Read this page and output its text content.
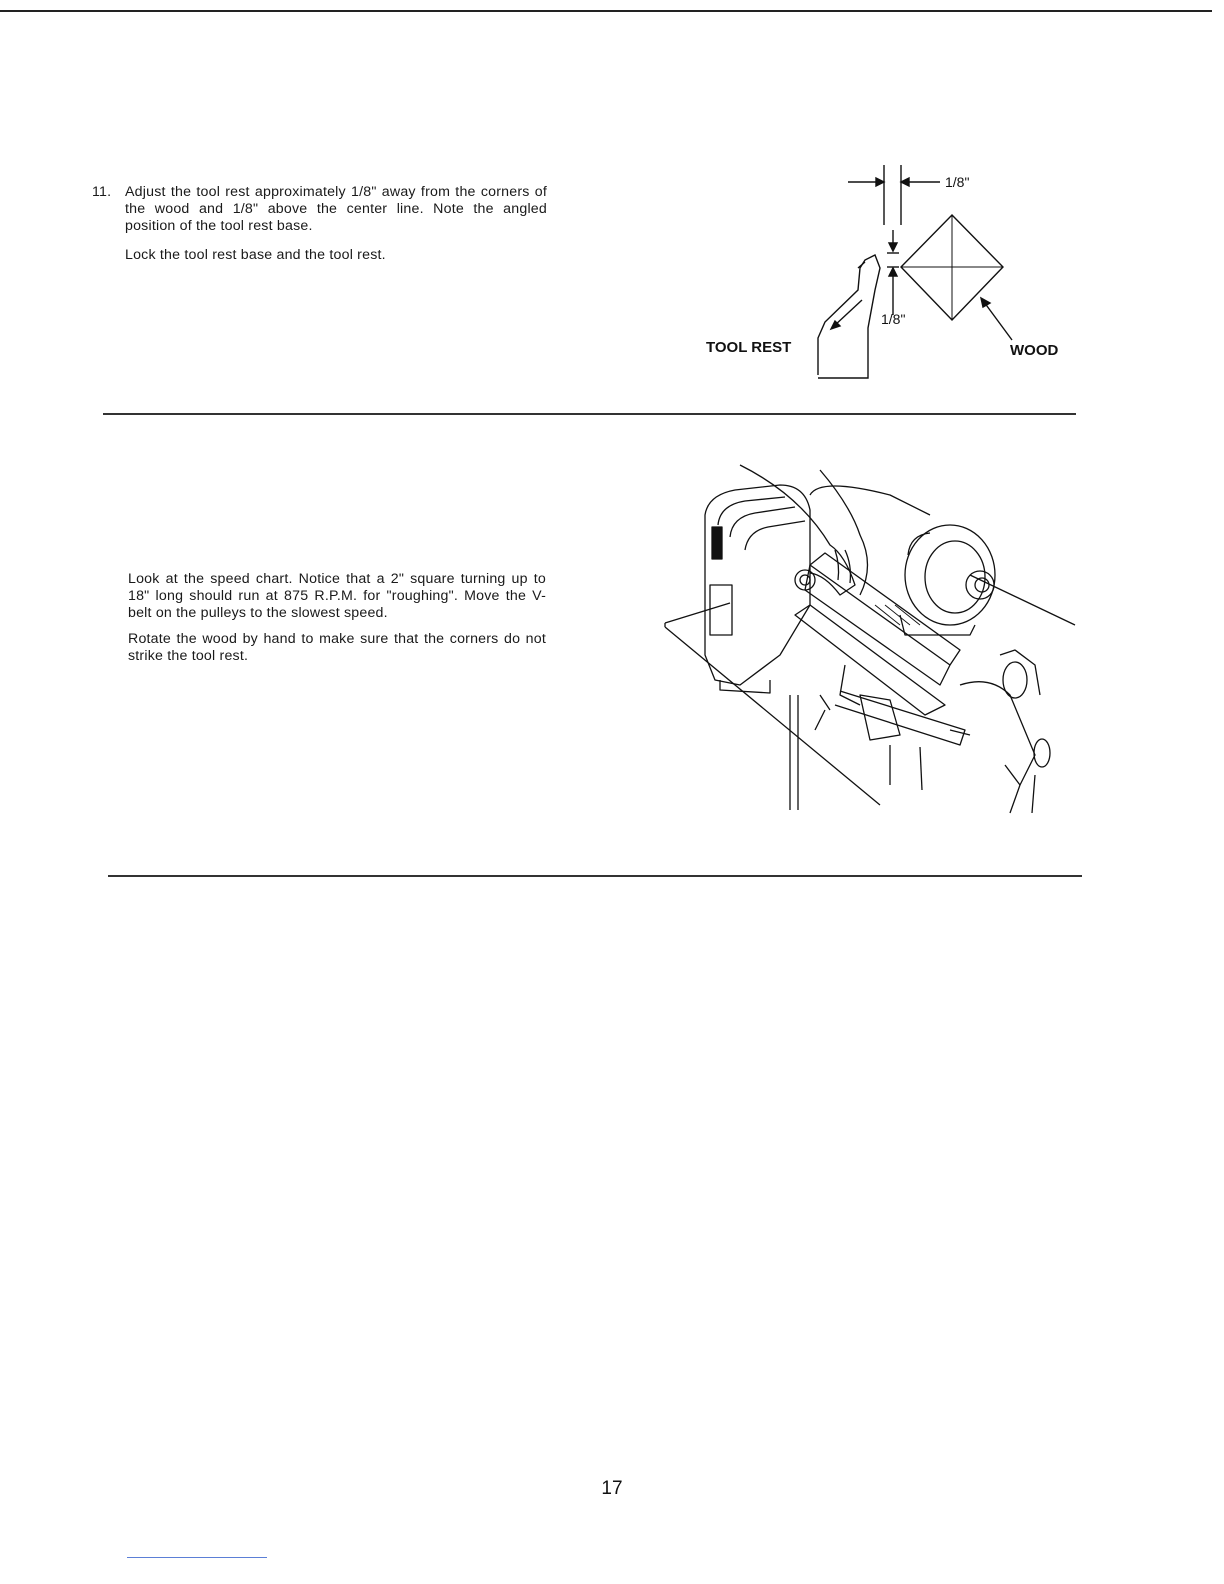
11. Adjust the tool rest approximately 1/8" away from the corners of the wood and 1/8" above the center line. Note the angled position of the tool rest base.
Lock the tool rest base and the tool rest.
1/8"
1/8"
TOOL REST	WOOD

Look at the speed chart. Notice that a 2" square turning up to 18" long should run at 875 R.P.M. for "roughing". Move the V-belt on the pulleys to the slowest speed.

Rotate the wood by hand to make sure that the corners do not strike the tool rest.

17
